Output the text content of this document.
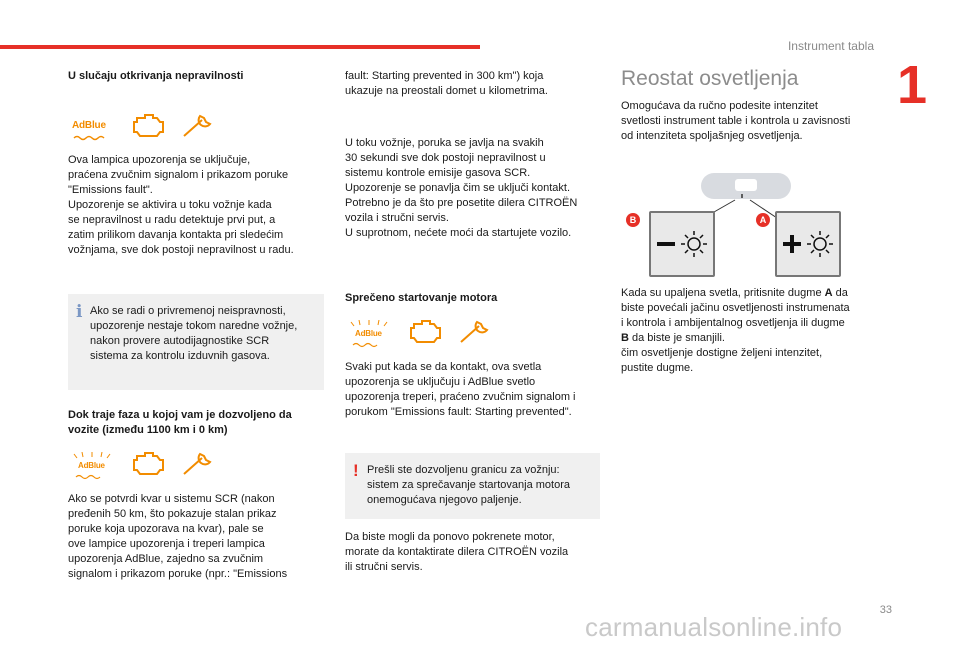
Instrument tabla
1
U slučaju otkrivanja nepravilnosti
AdBlue

Ova lampica upozorenja se uključuje,
praćena zvučnim signalom i prikazom poruke
"Emissions fault".
Upozorenje se aktivira u toku vožnje kada
se nepravilnost u radu detektuje prvi put, a
zatim prilikom davanja kontakta pri sledećim
vožnjama, sve dok postoji nepravilnost u radu.

i Ako se radi o privremenoj neispravnosti,
upozorenje nestaje tokom naredne vožnje,
nakon provere autodijagnostike SCR
sistema za kontrolu izduvnih gasova.

Dok traje faza u kojoj vam je dozvoljeno da vozite (između 1100 km i 0 km)
AdBlue

Ako se potvrdi kvar u sistemu SCR (nakon
pređenih 50 km, što pokazuje stalan prikaz
poruke koja upozorava na kvar), pale se
ove lampice upozorenja i treperi lampica
upozorenja AdBlue, zajedno sa zvučnim
signalom i prikazom poruke (npr.: "Emissions

fault: Starting prevented in 300 km") koja
ukazuje na preostali domet u kilometrima.

U toku vožnje, poruka se javlja na svakih
30 sekundi sve dok postoji nepravilnost u
sistemu kontrole emisije gasova SCR.
Upozorenje se ponavlja čim se uključi kontakt.
Potrebno je da što pre posetite dilera CITROËN
vozila i stručni servis.
U suprotnom, nećete moći da startujete vozilo.

Sprečeno startovanje motora
AdBlue

Svaki put kada se da kontakt, ova svetla
upozorenja se uključuju i AdBlue svetlo
upozorenja treperi, praćeno zvučnim signalom i
porukom "Emissions fault: Starting prevented".

! Prešli ste dozvoljenu granicu za vožnju:
sistem za sprečavanje startovanja motora
onemogućava njegovo paljenje.

Da biste mogli da ponovo pokrenete motor,
morate da kontaktirate dilera CITROËN vozila
ili stručni servis.

Reostat osvetljenja

Omogućava da ručno podesite intenzitet
svetlosti instrument table i kontrola u zavisnosti
od intenziteta spoljašnjeg osvetljenja.

B	A

Kada su upaljena svetla, pritisnite dugme A da
biste povećali jačinu osvetljenosti instrumenata
i kontrola i ambijentalnog osvetljenja ili dugme
B da biste je smanjili.
čim osvetljenje dostigne željeni intenzitet,
pustite dugme.

33
carmanualsonline.info
